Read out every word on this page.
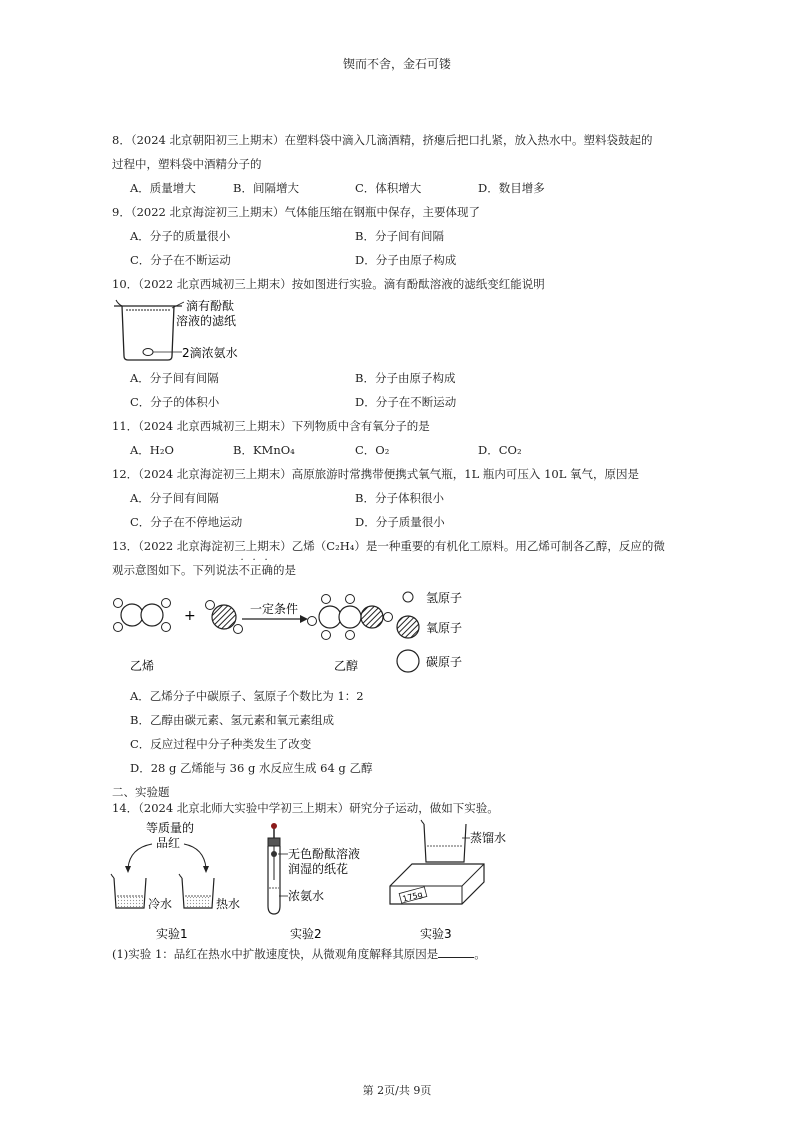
锲而不舍，金石可镂
8．（2024 北京朝阳初三上期末）在塑料袋中滴入几滴酒精，挤瘪后把口扎紧，放入热水中。塑料袋鼓起的
过程中，塑料袋中酒精分子的
A．质量增大	B．间隔增大	C．体积增大	D．数目增多
9．（2022 北京海淀初三上期末）气体能压缩在钢瓶中保存，主要体现了
A．分子的质量很小	B．分子间有间隔
C．分子在不断运动	D．分子由原子构成
10．（2022 北京西城初三上期末）按如图进行实验。滴有酚酞溶液的滤纸变红能说明
滴有酚酞
溶液的滤纸
2滴浓氨水
A．分子间有间隔	B．分子由原子构成
C．分子的体积小	D．分子在不断运动
11．（2024 北京西城初三上期末）下列物质中含有氧分子的是
A．H₂O	B．KMnO₄	C．O₂	D．CO₂
12．（2024 北京海淀初三上期末）高原旅游时常携带便携式氧气瓶，1L 瓶内可压入 10L 氧气，原因是
A．分子间有间隔	B．分子体积很小
C．分子在不停地运动	D．分子质量很小
13．（2022 北京海淀初三上期末）乙烯（C₂H₄）是一种重要的有机化工原料。用乙烯可制各乙醇，反应的微
观示意图如下。下列说法
· · ·
不正确的是
+	一定条件
氢原子
氧原子
碳原子
乙烯	乙醇
A．乙烯分子中碳原子、氢原子个数比为 1：2
B．乙醇由碳元素、氢元素和氧元素组成
C．反应过程中分子种类发生了改变
D．28 g 乙烯能与 36 g 水反应生成 64 g 乙醇
二、实验题
14．（2024 北京北师大实验中学初三上期末）研究分子运动，做如下实验。
等质量的
品红
冷水	热水
实验1
无色酚酞溶液
润湿的纸花
浓氨水
实验2
蒸馏水
175g
实验3
(1)实验 1：品红在热水中扩散速度快，从微观角度解释其原因是	。
第 2页/共 9页
